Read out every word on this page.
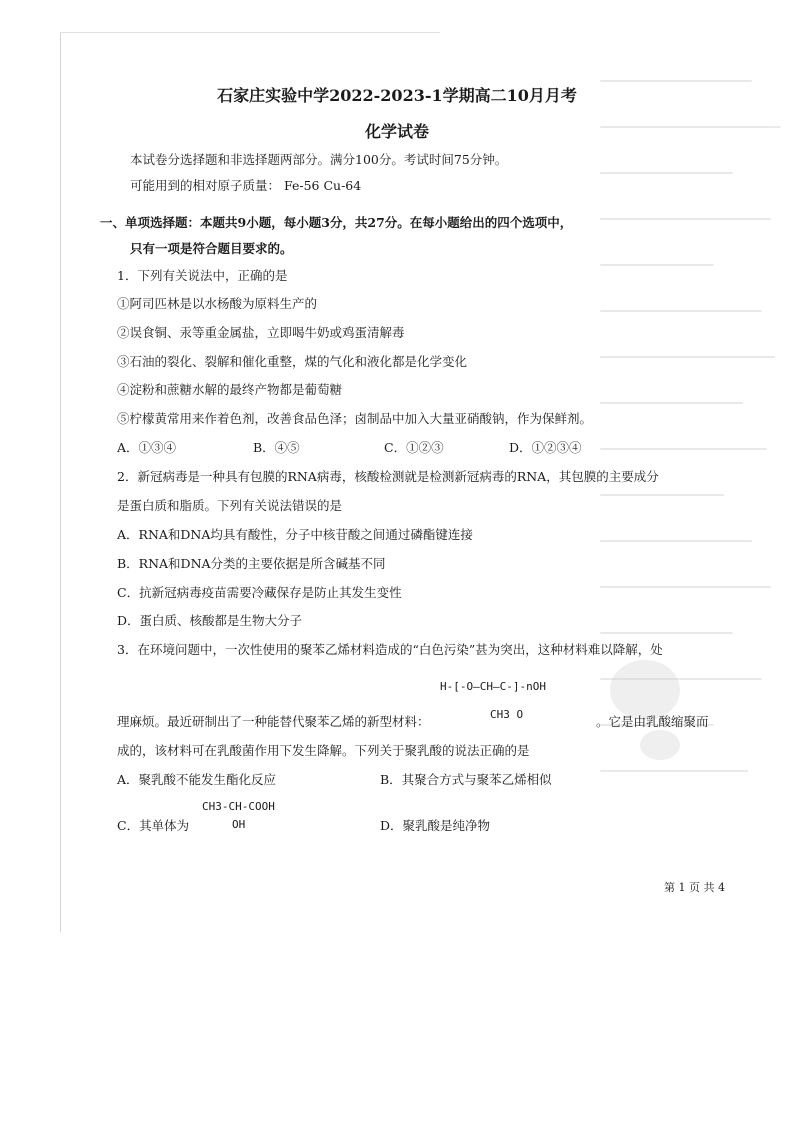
石家庄实验中学2022-2023-1学期高二10月月考
化学试卷
本试卷分选择题和非选择题两部分。满分100分。考试时间75分钟。
可能用到的相对原子质量： Fe-56 Cu-64
一、单项选择题：本题共9小题，每小题3分，共27分。在每小题给出的四个选项中，
只有一项是符合题目要求的。
1．下列有关说法中，正确的是
①阿司匹林是以水杨酸为原料生产的
②误食铜、汞等重金属盐，立即喝牛奶或鸡蛋清解毒
③石油的裂化、裂解和催化重整，煤的气化和液化都是化学变化
④淀粉和蔗糖水解的最终产物都是葡萄糖
⑤柠檬黄常用来作着色剂，改善食品色泽；卤制品中加入大量亚硝酸钠，作为保鲜剂。
A．①③④	B．④⑤	C．①②③	D．①②③④
2．新冠病毒是一种具有包膜的RNA病毒，核酸检测就是检测新冠病毒的RNA，其包膜的主要成分
是蛋白质和脂质。下列有关说法错误的是
A．RNA和DNA均具有酸性，分子中核苷酸之间通过磷酯键连接
B．RNA和DNA分类的主要依据是所含碱基不同
C．抗新冠病毒疫苗需要冷藏保存是防止其发生变性
D．蛋白质、核酸都是生物大分子
3．在环境问题中，一次性使用的聚苯乙烯材料造成的“白色污染”甚为突出，这种材料难以降解，处
H-[-O—CH—C-]-nOH
CH3 O
理麻烦。最近研制出了一种能替代聚苯乙烯的新型材料：	。它是由乳酸缩聚而
成的，该材料可在乳酸菌作用下发生降解。下列关于聚乳酸的说法正确的是
A．聚乳酸不能发生酯化反应	B．其聚合方式与聚苯乙烯相似
CH3-CH-COOH
C．其单体为	OH	D．聚乳酸是纯净物
第 1 页 共 4
